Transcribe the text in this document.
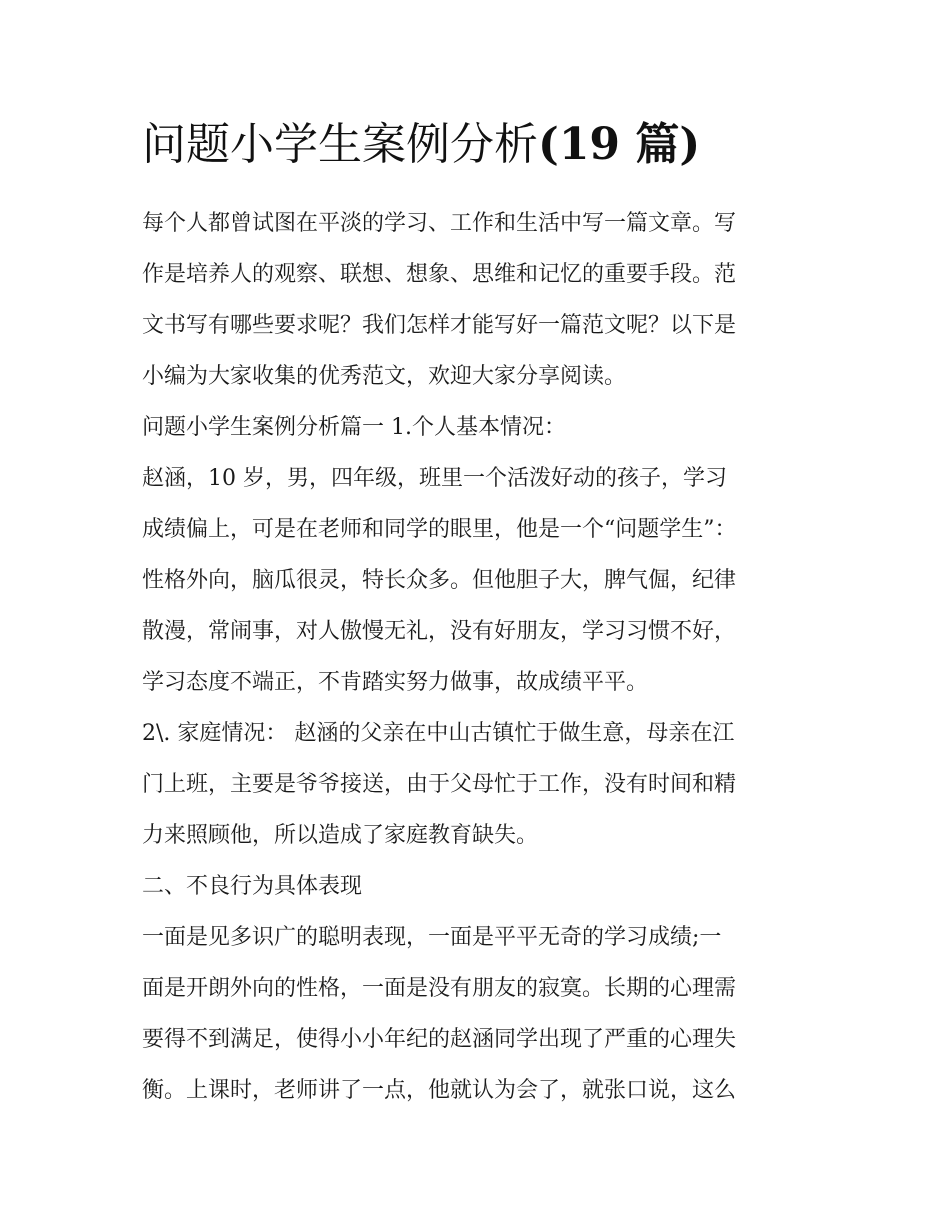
问题小学生案例分析(19 篇)
每个人都曾试图在平淡的学习、工作和生活中写一篇文章。写
作是培养人的观察、联想、想象、思维和记忆的重要手段。范
文书写有哪些要求呢？我们怎样才能写好一篇范文呢？以下是
小编为大家收集的优秀范文，欢迎大家分享阅读。
问题小学生案例分析篇一 1.个人基本情况：
赵涵，10 岁，男，四年级，班里一个活泼好动的孩子，学习
成绩偏上，可是在老师和同学的眼里，他是一个“问题学生”：
性格外向，脑瓜很灵，特长众多。但他胆子大，脾气倔，纪律
散漫，常闹事，对人傲慢无礼，没有好朋友，学习习惯不好，
学习态度不端正，不肯踏实努力做事，故成绩平平。
2\. 家庭情况： 赵涵的父亲在中山古镇忙于做生意，母亲在江
门上班，主要是爷爷接送，由于父母忙于工作，没有时间和精
力来照顾他，所以造成了家庭教育缺失。
二、不良行为具体表现
一面是见多识广的聪明表现，一面是平平无奇的学习成绩;一
面是开朗外向的性格，一面是没有朋友的寂寞。长期的心理需
要得不到满足，使得小小年纪的赵涵同学出现了严重的心理失
衡。上课时，老师讲了一点，他就认为会了，就张口说，这么
